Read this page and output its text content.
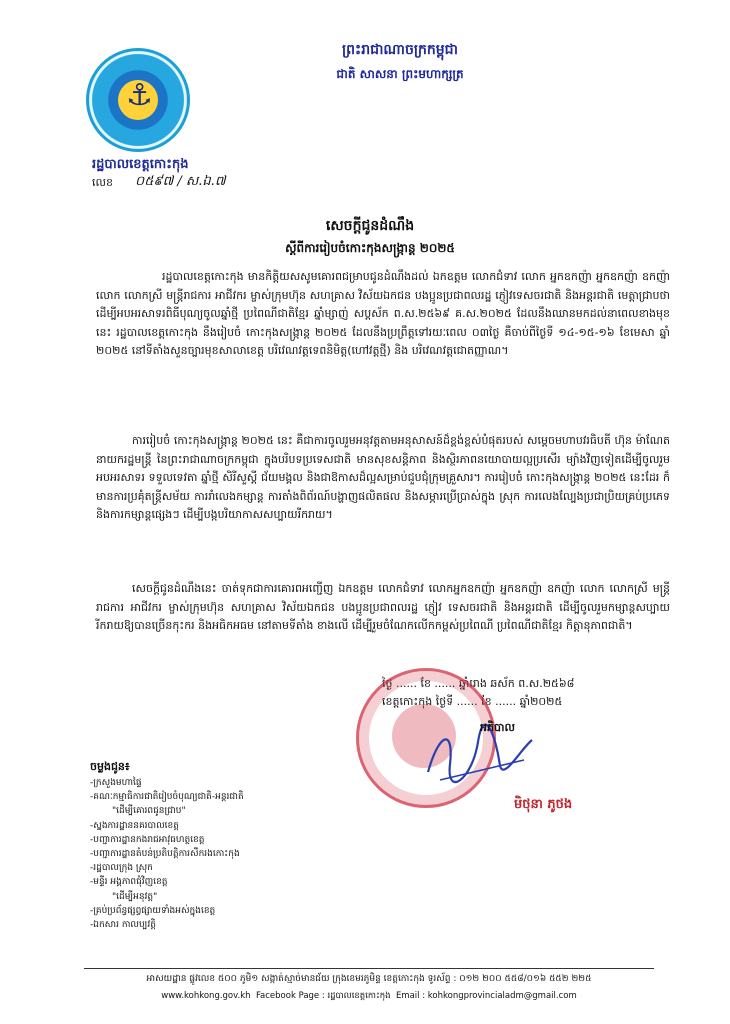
ព្រះរាជាណាចក្រកម្ពុជា
ជាតិ សាសនា ព្រះមហាក្សត្រ
⚓
រដ្ឋបាលខេត្តកោះកុង
លេខ ០៥៩៧ / ស.ឯ.៧
សេចក្តីជូនដំណឹង
ស្តីពីការរៀបចំកោះកុងសង្ក្រាន្ត ២០២៥
រដ្ឋបាលខេត្តកោះកុង មានកិត្តិយសសូមគោរពជម្រាបជូនដំណឹងដល់ ឯកឧត្តម លោកជំទាវ លោក អ្នកឧកញ៉ា អ្នកឧកញ៉ា ឧកញ៉ា លោក លោកស្រី មន្ត្រីរាជការ អាជីវករ ម្ចាស់ក្រុមហ៊ុន សហគ្រាស វិស័យឯកជន បងប្អូនប្រជាពលរដ្ឋ ភ្ញៀវទេសចរជាតិ និងអន្តរជាតិ មេត្តាជ្រាបថា ដើម្បីអបអរសាទរពិធីបុណ្យចូលឆ្នាំថ្មី ប្រពៃណីជាតិខ្មែរ ឆ្នាំម្សាញ់ សប្តស័ក ព.ស.២៥៦៩ គ.ស.២០២៥ ដែលនឹងឈានមកដល់នាពេលខាងមុខនេះ រដ្ឋបាលខេត្តកោះកុង នឹងរៀបចំ កោះកុងសង្ក្រាន្ត ២០២៥ ដែលនឹងប្រព្រឹត្តទៅរយៈពេល ០៣ថ្ងៃ គឺចាប់ពីថ្ងៃទី ១៤-១៥-១៦ ខែមេសា ឆ្នាំ ២០២៥ នៅទីតាំងសួនច្បារមុខសាលាខេត្ត បរិវេណវត្តទេពនិមិត្ត(ហៅវត្តថ្មី) និង បរិវេណវត្តជោតញ្ញាណ។
ការរៀបចំ កោះកុងសង្ក្រាន្ត ២០២៥ នេះ គឺជាការចូលរួមអនុវត្តតាមអនុសាសន៍ដ៏ខ្ពង់ខ្ពស់បំផុតរបស់ សម្តេចមហាបវរធិបតី ហ៊ុន ម៉ាណែត នាយករដ្ឋមន្ត្រី នៃព្រះរាជាណាចក្រកម្ពុជា ក្នុងបរិបទប្រទេសជាតិ មានសុខសន្តិភាព និងស្ថិរភាពនយោបាយល្អប្រសើរ ម្យ៉ាងវិញទៀតដើម្បីចូលរួមអបអរសាទរ ទទួលទេវតា ឆ្នាំថ្មី សិរីសួស្តី ជ័យមង្គល និងជាឱកាសដ៏ល្អសម្រាប់ជួបជុំក្រុមគ្រួសារ។ ការរៀបចំ កោះកុងសង្ក្រាន្ត ២០២៥ នេះដែរ ក៏មានការប្រគុំតន្ត្រីសម័យ ការរាំលេងកម្សាន្ត ការតាំងពិព័រណ៍បង្ហាញផលិតផល និងសម្ភារប្រើប្រាស់ក្នុង ស្រុក ការលេងល្បែងប្រជាប្រិយគ្រប់ប្រភេទ និងការកម្សាន្តផ្សេងៗ ដើម្បីបង្កបរិយាកាសសប្បាយរីករាយ។
សេចក្តីជូនដំណឹងនេះ ចាត់ទុកជាការគោរពអញ្ជើញ ឯកឧត្តម លោកជំទាវ លោកអ្នកឧកញ៉ា អ្នកឧកញ៉ា ឧកញ៉ា លោក លោកស្រី មន្ត្រីរាជការ អាជីវករ ម្ចាស់ក្រុមហ៊ុន សហគ្រាស វិស័យឯកជន បងប្អូនប្រជាពលរដ្ឋ ភ្ញៀវ ទេសចរជាតិ និងអន្តរជាតិ ដើម្បីចូលរួមកម្សាន្តសប្បាយរីករាយឱ្យបានច្រើនកុះករ និងអធិកអធម នៅតាមទីតាំង ខាងលើ ដើម្បីរួមចំណែកលើកកម្ពស់ប្រពៃណី ប្រពៃណីជាតិខ្មែរ កិត្តានុភាពជាតិ។
ថ្ងៃ ...... ខែ ...... ឆ្នាំរោង ឆស័ក ព.ស.២៥៦៨
ខេត្តកោះកុង ថ្ងៃទី ...... ខែ ...... ឆ្នាំ២០២៥
អភិបាល
មិថុនា ភូថង
ចម្លងជូន៖
-ក្រសួងមហាផ្ទៃ
-គណៈកម្មាធិការជាតិរៀបចំបុណ្យជាតិ-អន្តរជាតិ
"ដើម្បីគោរពជូនជ្រាប"
-ស្នងការដ្ឋាននគរបាលខេត្ត
-បញ្ជាការដ្ឋានកងរាជអាវុធហត្ថខេត្ត
-បញ្ជាការដ្ឋានតំបន់ប្រតិបត្តិការសឹករងកោះកុង
-រដ្ឋបាលក្រុង ស្រុក
-មន្ទីរ អង្គភាពជុំវិញខេត្ត
"ដើម្បីអនុវត្ត"
-គ្រប់ប្រព័ន្ធផ្សព្វផ្សាយទាំងអស់ក្នុងខេត្ត
-ឯកសារ កាលប្បវត្តិ
អាសយដ្ឋាន ផ្លូវលេខ ៥០០ ភូមិ១ សង្កាត់ស្មាច់មានជ័យ ក្រុងខេមរភូមិន្ទ ខេត្តកោះកុង ទូរស័ព្ទ : ០១២ ២០០ ៥៥៨/០១៦ ៥៥២ ២២៥
www.kohkong.gov.kh Facebook Page : រដ្ឋបាលខេត្តកោះកុង Email : kohkongprovincialadm@gmail.com
